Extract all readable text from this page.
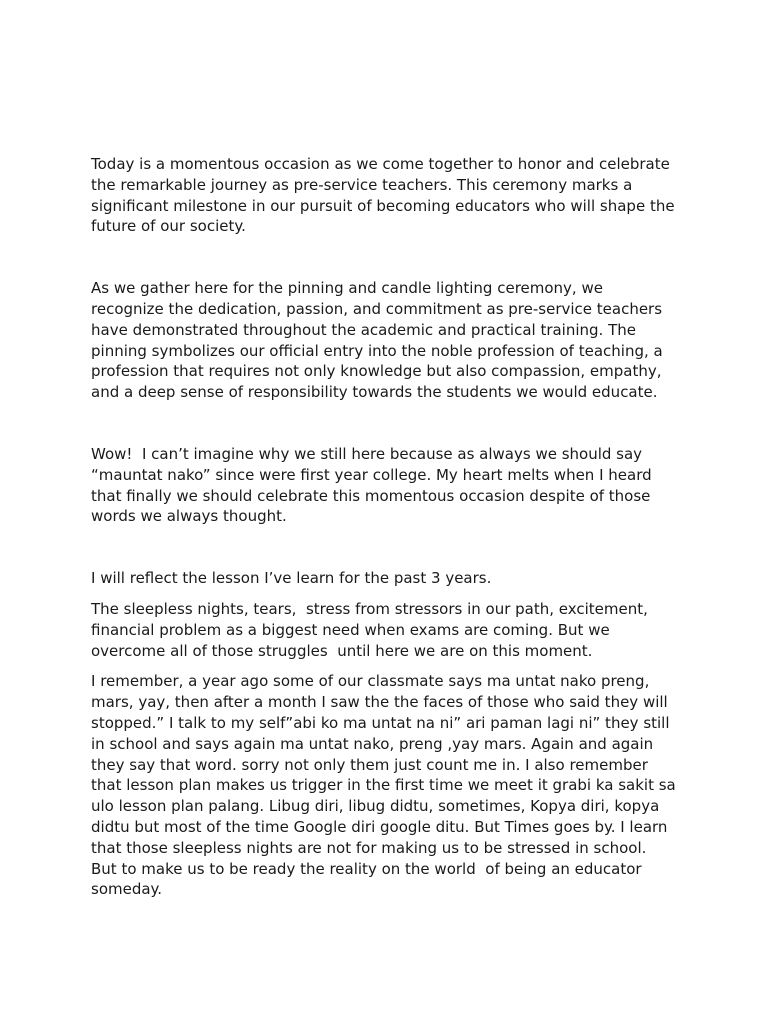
Today is a momentous occasion as we come together to honor and celebrate
the remarkable journey as pre-service teachers. This ceremony marks a
significant milestone in our pursuit of becoming educators who will shape the
future of our society.

As we gather here for the pinning and candle lighting ceremony, we
recognize the dedication, passion, and commitment as pre-service teachers
have demonstrated throughout the academic and practical training. The
pinning symbolizes our official entry into the noble profession of teaching, a
profession that requires not only knowledge but also compassion, empathy,
and a deep sense of responsibility towards the students we would educate.

Wow!  I can’t imagine why we still here because as always we should say
“mauntat nako” since were first year college. My heart melts when I heard
that finally we should celebrate this momentous occasion despite of those
words we always thought.

I will reflect the lesson I’ve learn for the past 3 years.

The sleepless nights, tears,  stress from stressors in our path, excitement,
financial problem as a biggest need when exams are coming. But we
overcome all of those struggles  until here we are on this moment.

I remember, a year ago some of our classmate says ma untat nako preng,
mars, yay, then after a month I saw the the faces of those who said they will
stopped.” I talk to my self”abi ko ma untat na ni” ari paman lagi ni” they still
in school and says again ma untat nako, preng ,yay mars. Again and again
they say that word. sorry not only them just count me in. I also remember
that lesson plan makes us trigger in the first time we meet it grabi ka sakit sa
ulo lesson plan palang. Libug diri, libug didtu, sometimes, Kopya diri, kopya
didtu but most of the time Google diri google ditu. But Times goes by. I learn
that those sleepless nights are not for making us to be stressed in school.
But to make us to be ready the reality on the world  of being an educator
someday.
